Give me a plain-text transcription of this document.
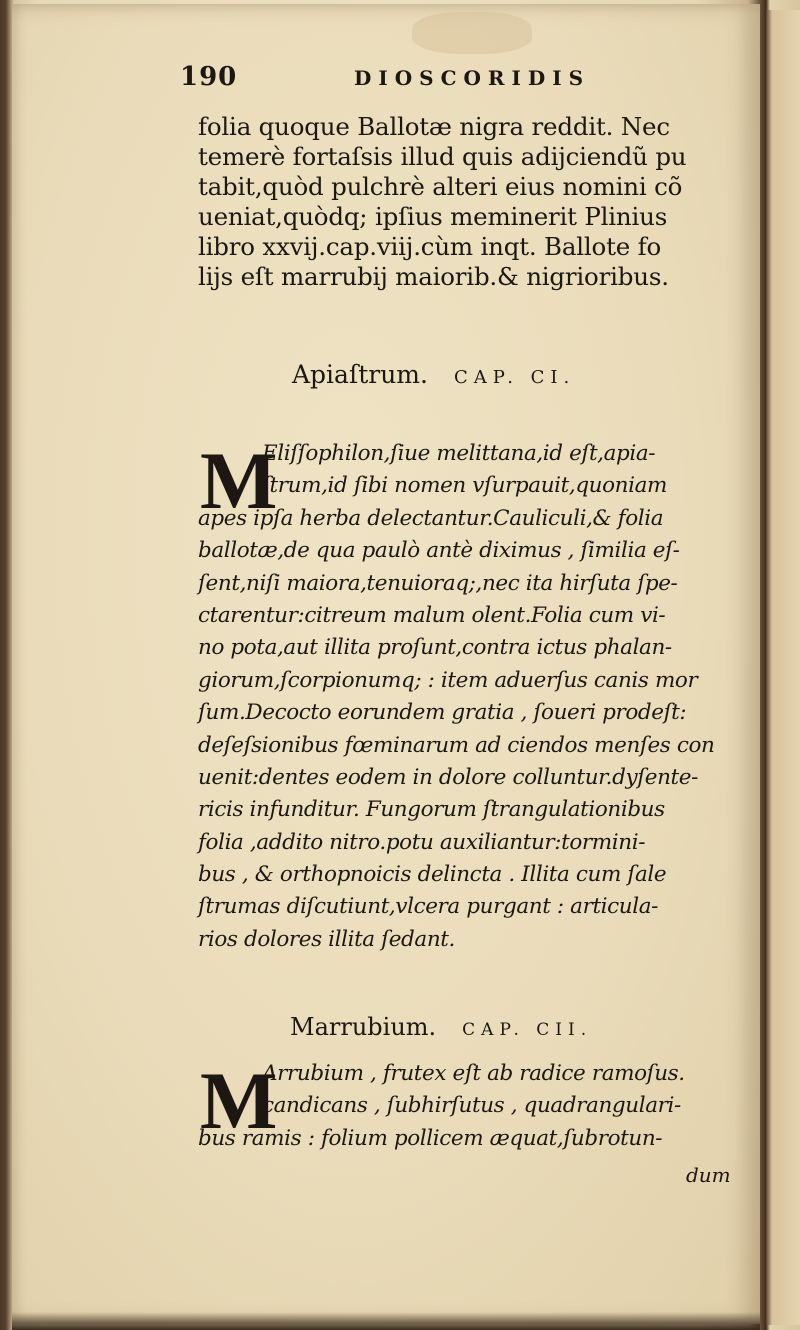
190	DIOSCORIDIS
folia quoque Ballotæ nigra reddit. Nec
temerè fortaſsis illud quis adijciendũ pu
tabit,quòd pulchrè alteri eius nomini cõ
ueniat,quòdq; ipſius meminerit Plinius
libro xxvij.cap.viij.cùm inqt. Ballote fo
lijs eſt marrubij maiorib.& nigrioribus.
Apiaſtrum. CAP. CI.
M
Eliſſophilon,ſiue melittana,id eſt,apia-
ſtrum,id ſibi nomen vſurpauit,quoniam
apes ipſa herba delectantur.Cauliculi,& folia
ballotæ,de qua paulò antè diximus , ſimilia eſ-
ſent,niſi maiora,tenuioraq;,nec ita hirſuta ſpe-
ctarentur:citreum malum olent.Folia cum vi-
no pota,aut illita proſunt,contra ictus phalan-
giorum,ſcorpionumq; : item aduerſus canis mor
ſum.Decocto eorundem gratia , ſoueri prodeſt:
deſeſsionibus fœminarum ad ciendos menſes con
uenit:dentes eodem in dolore colluntur.dyſente-
ricis infunditur. Fungorum ſtrangulationibus
folia ,addito nitro.potu auxiliantur:tormini-
bus , & orthopnoicis delincta . Illita cum ſale
ſtrumas diſcutiunt,vlcera purgant : articula-
rios dolores illita ſedant.
Marrubium. CAP. CII.
M
Arrubium , frutex eſt ab radice ramoſus.
candicans , ſubhirſutus , quadrangulari-
bus ramis : folium pollicem æquat,ſubrotun-
dum
